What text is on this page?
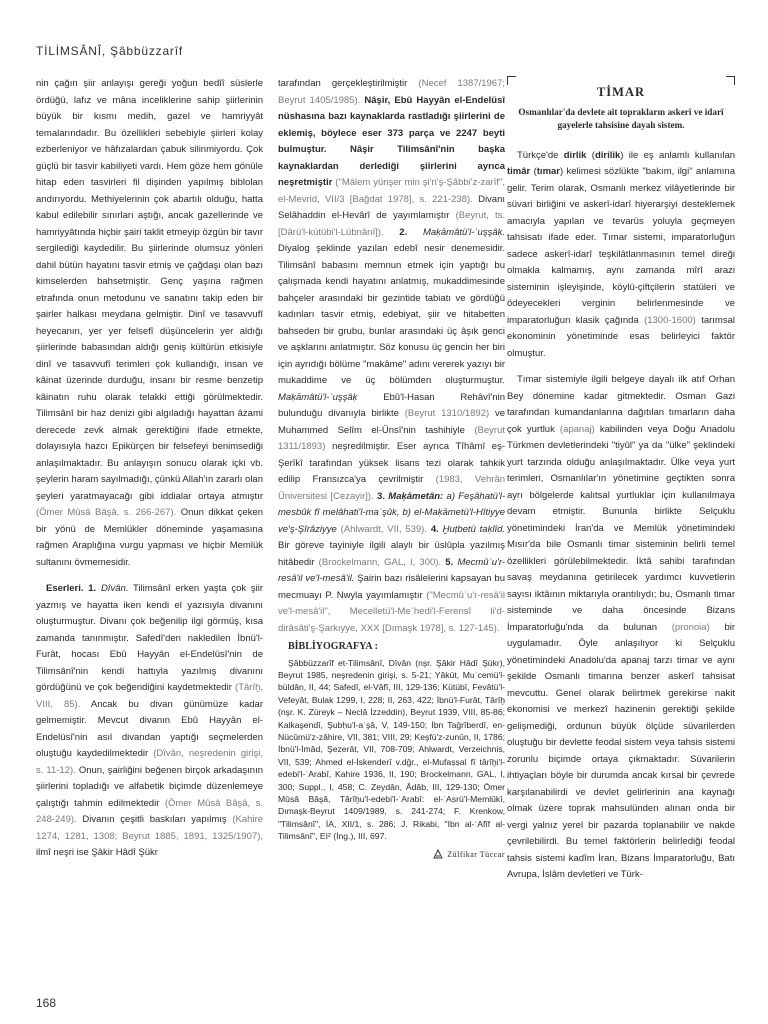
TİLİMSÂNÎ, Şâbbüzzarîf

nin çağın şiir anlayışı gereği yoğun bedîî süslerle ördüğü, lafız ve mâna inceliklerine sahip şiirlerinin büyük bir kısmı medih, gazel ve hamriyyât temalarındadır. Bu özellikleri sebebiyle şiirleri kolay ezberleniyor ve hâfızalardan çabuk silinmiyordu. Çok güçlü bir tasvir kabiliyeti vardı. Hem göze hem gönüle hitap eden tasvirleri fil dişinden yapılmış biblolan andırıyordu. Methiyelerinin çok abartılı olduğu, hatta kabul edilebilir sınırları aştığı, ancak gazellerinde ve hamriyyâtında hiçbir şairi taklit etmeyip özgün bir tavır sergilediği kaydedilir. Bu şiirlerinde olumsuz yönleri dahil bütün hayatını tasvir etmiş ve çağdaşı olan bazı kimselerden bahsetmiştir. Genç yaşına rağmen etrafında onun metodunu ve sanatını takip eden bir şairler halkası meydana gelmiştir. Dinî ve tasavvufî heyecanın, yer yer felsefî düşüncelerin yer aldığı şiirlerinde babasından aldığı geniş kültürün etkisiyle dinî ve tasavvufî terimleri çok kullandığı, insan ve kâinat üzerinde durduğu, insanı bir resme benzetip kâinatın ruhu olarak telakki ettiği görülmektedir. Tilimsânî bir haz denizi gibi algıladığı hayattan âzami derecede zevk almak gerektiğini ifade etmekte, dolayısıyla hazcı Epikürçen bir felsefeyi benimsediği anlaşılmaktadır. Bu anlayışın sonucu olarak içki vb. şeylerin haram sayılmadığı, çünkü Allah'ın zararlı olan şeyleri yaratmayacağı gibi iddialar ortaya atmıştır (Ömer Mûsâ Bâşâ, s. 266-267). Onun dikkat çeken bir yönü de Memlükler döneminde yaşamasına rağmen Araplığına vurgu yapması ve hiçbir Memlük sultanını övmemesidir.

Eserleri. 1. Dîvân. Tilimsânî erken yaşta çok şiir yazmış ve hayatta iken kendi el yazısıyla divanını oluşturmuştur. Divanı çok beğenilip ilgi görmüş, kısa zamanda tanınmıştır. Safedî'den nakledilen İbnü'l-Furât, hocası Ebû Hayyân el-Endelüsî'nin de Tilimsânî'nin kendi hattıyla yazılmış divanını gördüğünü ve çok beğendiğini kaydetmektedir (Târîḫ, VIII, 85). Ancak bu divan günümüze kadar gelmemiştir. Mevcut divanın Ebû Hayyân el-Endelüsî'nin asıl divandan yaptığı seçmelerden oluştuğu kaydedilmektedir (Dîvân, neşredenin girişi, s. 11-12). Onun, şairliğini beğenen birçok arkadaşının şiirlerini topladığı ve alfabetik biçimde düzenlemeye çalıştığı tahmin edilmektedir (Ömer Mûsâ Bâşâ, s. 248-249). Divanın çeşitli baskıları yapılmış (Kahire 1274, 1281, 1308; Beyrut 1885, 1891, 1325/1907), ilmî neşri ise Şâkir Hâdî Şükr

tarafından gerçekleştirilmiştir (Necef 1387/1967; Beyrut 1405/1985). Nâşir, Ebû Hayyân el-Endelüsî nüshasına bazı kaynaklarda rastladığı şiirlerini de eklemiş, böylece eser 373 parça ve 2247 beyti bulmuştur. Nâşir Tilimsânî'nin başka kaynaklardan derlediği şiirlerini ayrıca neşretmiştir ("Mâlem yünşer min şi'ri'ş-Şâbbi'z-zarîf", el-Mevrid, VII/3 [Bağdat 1978], s. 221-238). Divanı Selâhaddin el-Hevârî de yayımlamıştır (Beyrut, ts. [Dârü'l-kütübi'l-Lübnânî]). 2. Maḳāmâtü'l-ʿuşşâḳ. Diyalog şeklinde yazılan edebî nesir denemesidir. Tilimsânî babasını memnun etmek için yaptığı bu çalışmada kendi hayatını anlatmış, mukaddimesinde bahçeler arasındaki bir gezintide tabiatı ve gördüğü kadınları tasvir etmiş, edebiyat, şiir ve hitabetten bahseden bir grubu, bunlar arasındaki üç âşık genci ve aşklarını anlatmıştır. Söz konusu üç gencin her biri için ayrıdığı bölüme "makâme" adını vererek yazıyı bir mukaddime ve üç bölümden oluşturmuştur. Maḳāmâtü'l-ʿuşşâḳ	Ebû'l-Hasan Rehâvî'nin bulunduğu divanıyla birlikte (Beyrut 1310/1892) ve Muhammed Selîm el-Ünsî'nin tashihiyle (Beyrut 1311/1893) neşredilmiştir. Eser ayrıca Tîhâmî eş-Şerîkî tarafından yüksek lisans tezi olarak tahkik edilip Fransızca'ya çevrilmiştir (1983, Vehrân Üniversitesi [Cezayir]). 3. Maḳāmetân: a) Feşâhatü'l-mesbûk fî melâhati'l-maʿşûk, b) el-Maḳāmetü'l-Hîtiyye ve'ş-Şîrâziyye (Ahlwardt, VII, 539). 4. Ḫuṭbetü taḳlîd. Bir göreve tayiniyle ilgili alaylı bir üslûpla yazılmış hitâbedir (Brockelmann, GAL, I, 300). 5. Mecmûʿu'r-resâ'il ve'l-mesâ'il. Şairin bazı risâlelerini kapsayan bu mecmuayı P. Nwyla yayımlamıştır ("Mecmûʿu'r-resâ'il ve'l-mesâ'il", Mecelletü'l-Meʿhedi'l-Ferensî li'd-dirâsâti'ş-Şarkıyye, XXX [Dımaşk 1978], s. 127-145).

BİBLİYOGRAFYA :

Şâbbüzzarîf et-Tilimsânî, Dîvân (nşr. Şâkir Hâdî Şükr), Beyrut 1985, neşredenin girişi, s. 5-21; Yâkūt, Muʿcemü'l-büldân, II, 44; Safedî, el-Vâfî, III, 129-136; Kütübî, Fevâtü'l-Vefeyât, Bulak 1299, I, 228; II, 263, 422; İbnü'l-Furât, Târîḫ (nşr. K. Züreyk – Neclâ İzzeddin), Beyrut 1939, VIII, 85-86; Kalkaşendî, Şubḥu'l-aʿşâ, V, 149-150; İbn Tağrîberdî, en-Nücûmü'z-zâhire, VII, 381; VIII, 29; Keşfü'z-zunûn, II, 1786; İbnü'l-İmâd, Şezerât, VII, 708-709; Ahlwardt, Verzeichnis, VII, 539; Ahmed el-İskenderî v.dğr., el-Mufaṣṣal fî târîḫi'l-edebi'l-ʿArabî, Kahire 1936, II, 190; Brockelmann, GAL, I, 300; Suppl., I, 458; C. Zeydân, Âdâb, III, 129-130; Ömer Mûsâ Bâşâ, Târîḫu'l-edebi'l-ʿArabî: el-ʿAṣrü'l-Memlûkî, Dımaşk-Beyrut 1409/1989, s. 241-274; F. Krenkow, "Tilimsânî", İA, XII/1, s. 286; J. Rikabi, "Ibn al-ʿAfîf al-Tilimsânî", EI² (İng.), III, 697.

Zülfikar Tüccar

TİMAR
Osmanlılar'da devlete ait toprakların askerî ve idarî gayelerle tahsisine dayalı sistem.

Türkçe'de dirlik (dirilik) ile eş anlamlı kullanılan timâr (tımar) kelimesi sözlükte "bakım, ilgi" anlamına gelir. Terim olarak, Osmanlı merkez vilâyetlerinde bir süvari birliğini ve askerî-idarî hiyerarşiyi desteklemek amacıyla yapılan ve tevarüs yoluyla geçmeyen tahsisatı ifade eder. Tımar sistemi, imparatorluğun sadece askerî-idarî teşkilâtlanmasının temel direği olmakla kalmamış, aynı zamanda mîrî arazi sisteminin işleyişinde, köylü-çiftçilerin statüleri ve ödeyecekleri verginin belirlenmesinde ve imparatorluğun klasik çağında (1300-1600) tarımsal ekonominin yönetiminde esas belirleyici faktör olmuştur.

Tımar sistemiyle ilgili belgeye dayalı ilk atıf Orhan Bey dönemine kadar gitmektedir. Osman Gazi tarafından kumandanlarına dağıtılan tımarların daha çok yurtluk (apanaj) kabilinden veya Doğu Anadolu Türkmen devletlerindeki "tiyûl" ya da "ülke" şeklindeki yurt tarzında olduğu anlaşılmaktadır. Ülke veya yurt terimleri, Osmanlılar'ın yönetimine geçtikten sonra ayrı bölgelerde kalıtsal yurtluklar için kullanılmaya devam etmiştir. Bununla birlikte Selçuklu yönetimindeki İran'da ve Memlük yönetimindeki Mısır'da bile Osmanlı timar sisteminin belirli temel özellikleri görülebilmektedir. İktâ sahibi tarafından savaş meydanına getirilecek yardımcı kuvvetlerin sayısı iktâının miktarıyla orantılıydı; bu, Osmanlı timar sisteminde ve daha öncesinde Bizans İmparatorluğu'nda da bulunan (pronoia) bir uygulamadır. Öyle anlaşılıyor ki Selçuklu yönetimindeki Anadolu'da apanaj tarzı timar ve aynı şekilde Osmanlı timarına benzer askerî tahsisat mevcuttu. Genel olarak belirtmek gerekirse nakit ekonomisi ve merkezî hazinenin gerektiği şekilde gelişmediği, ordunun büyük ölçüde süvarilerden oluştuğu bir devlette feodal sistem veya tahsis sistemi zorunlu biçimde ortaya çıkmaktadır. Süvarilerin ihtiyaçları böyle bir durumda ancak kırsal bir çevrede karşılanabilirdi ve devlet gelirlerinin ana kaynağı olmak üzere toprak mahsulünden alınan onda bir vergi yalnız yerel bir pazarda toplanabilir ve nakde çevrilebilirdi. Bu temel faktörlerin belirlediği feodal tahsis sistemi kadîm İran, Bizans İmparatorluğu, Batı Avrupa, İslâm devletleri ve Türk-

168
